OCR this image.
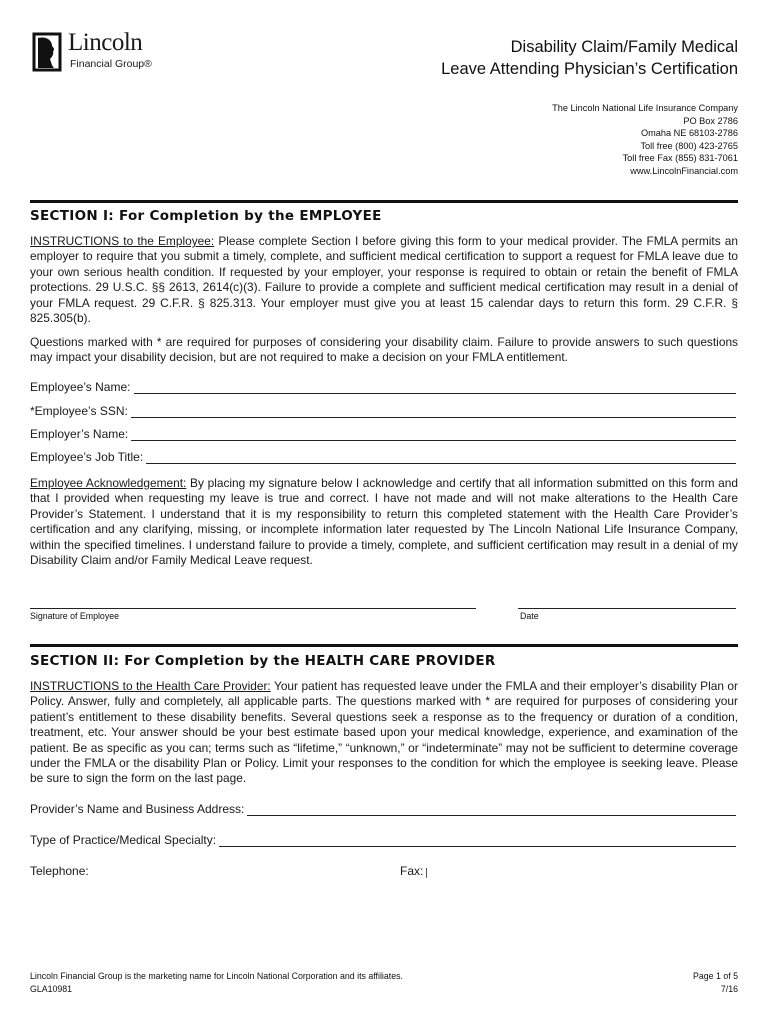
Lincoln
Financial Group®
Disability Claim/Family Medical
Leave Attending Physician’s Certification
The Lincoln National Life Insurance Company
PO Box 2786
Omaha NE 68103-2786
Toll free (800) 423-2765
Toll free Fax (855) 831-7061
www.LincolnFinancial.com
SECTION I: For Completion by the EMPLOYEE
INSTRUCTIONS to the Employee: Please complete Section I before giving this form to your medical provider. The FMLA permits an employer to require that you submit a timely, complete, and sufficient medical certification to support a request for FMLA leave due to your own serious health condition. If requested by your employer, your response is required to obtain or retain the benefit of FMLA protections. 29 U.S.C. §§ 2613, 2614(c)(3). Failure to provide a complete and sufficient medical certification may result in a denial of your FMLA request. 29 C.F.R. § 825.313. Your employer must give you at least 15 calendar days to return this form. 29 C.F.R. § 825.305(b).
Questions marked with * are required for purposes of considering your disability claim. Failure to provide answers to such questions may impact your disability decision, but are not required to make a decision on your FMLA entitlement.
Employee’s Name:
*Employee’s SSN:
Employer’s Name:
Employee’s Job Title:
Employee Acknowledgement: By placing my signature below I acknowledge and certify that all information submitted on this form and that I provided when requesting my leave is true and correct. I have not made and will not make alterations to the Health Care Provider’s Statement. I understand that it is my responsibility to return this completed statement with the Health Care Provider’s certification and any clarifying, missing, or incomplete information later requested by The Lincoln National Life Insurance Company, within the specified timelines. I understand failure to provide a timely, complete, and sufficient certification may result in a denial of my Disability Claim and/or Family Medical Leave request.
Signature of Employee	Date
SECTION II: For Completion by the HEALTH CARE PROVIDER
INSTRUCTIONS to the Health Care Provider: Your patient has requested leave under the FMLA and their employer’s disability Plan or Policy. Answer, fully and completely, all applicable parts. The questions marked with * are required for purposes of considering your patient’s entitlement to these disability benefits. Several questions seek a response as to the frequency or duration of a condition, treatment, etc. Your answer should be your best estimate based upon your medical knowledge, experience, and examination of the patient. Be as specific as you can; terms such as “lifetime,” “unknown,” or “indeterminate” may not be sufficient to determine coverage under the FMLA or the disability Plan or Policy. Limit your responses to the condition for which the employee is seeking leave. Please be sure to sign the form on the last page.
Provider’s Name and Business Address:
Type of Practice/Medical Specialty:
Telephone:	Fax:
Lincoln Financial Group is the marketing name for Lincoln National Corporation and its affiliates.
GLA10981
Page 1 of 5
7/16
